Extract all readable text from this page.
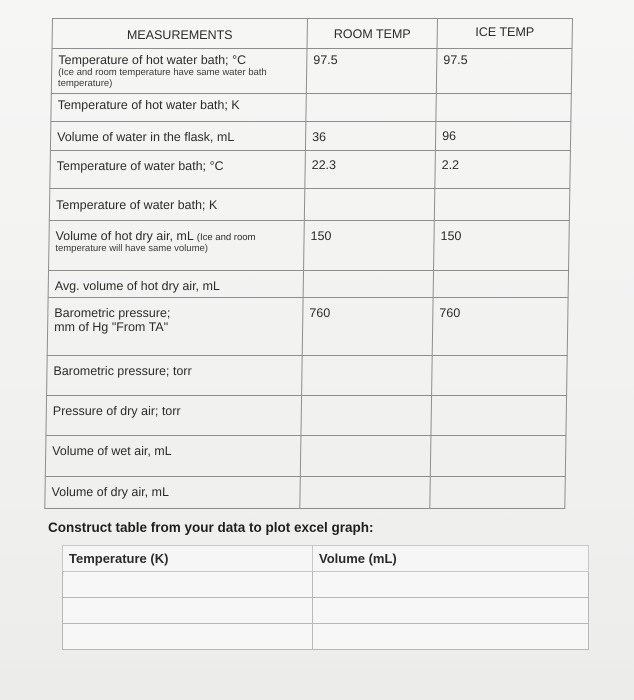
MEASUREMENTS	ROOM TEMP	ICE TEMP
Temperature of hot water bath; °C
(Ice and room temperature have same water bath temperature)	97.5	97.5
Temperature of hot water bath; K		
Volume of water in the flask, mL	36	96
Temperature of water bath; °C	22.3	2.2
Temperature of water bath; K		
Volume of hot dry air, mL (Ice and room
temperature will have same volume)	150	150
Avg. volume of hot dry air, mL		
Barometric pressure;
mm of Hg "From TA"	760	760
Barometric pressure; torr		
Pressure of dry air; torr		
Volume of wet air, mL		
Volume of dry air, mL		
Construct table from your data to plot excel graph:
Temperature (K)	Volume (mL)
